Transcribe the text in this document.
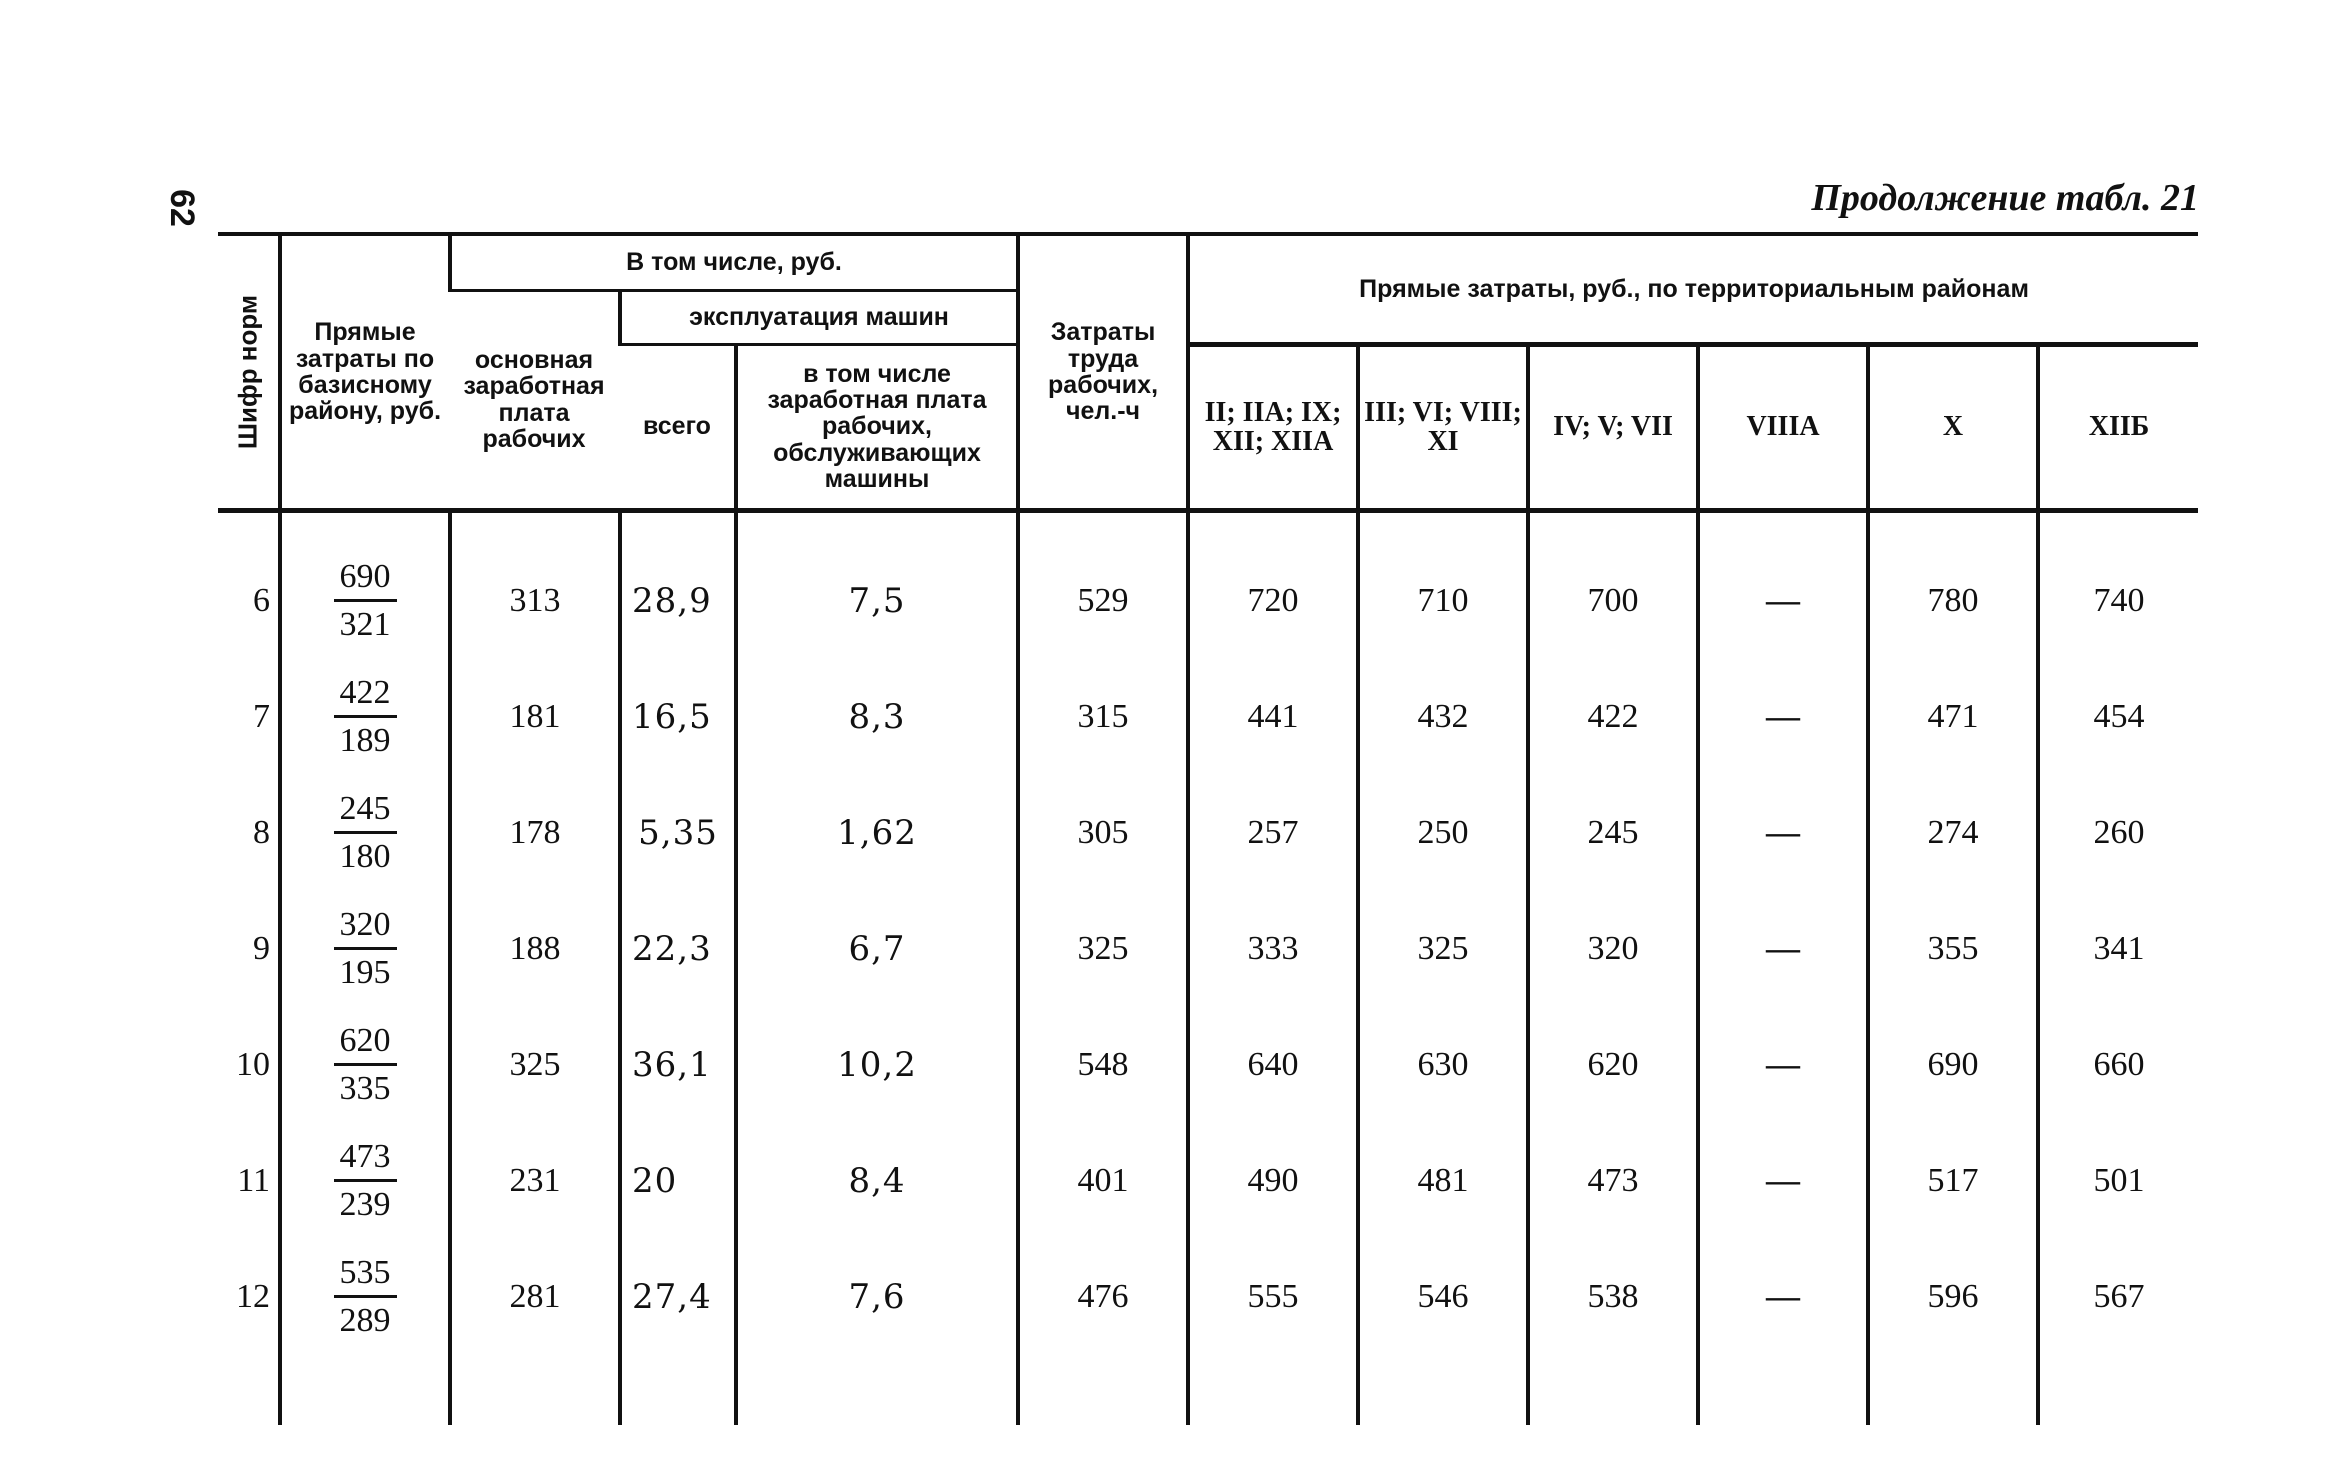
62	Продолжение табл. 21
Шифр норм	Прямые затраты по базисному району, руб.	В том числе, руб.			Затраты труда рабочих, чел.-ч	Прямые затраты, руб., по территориальным районам					
		основная заработная плата рабочих	эксплуатация машин								
			всего	в том числе заработная плата рабочих, обслуживающих машины		II; IIA; IX; XII; XIIA	III; VI; VIII; XI	IV; V; VII	VIIIA	X	XIIБ
6	$\frac{690}{321}$	313	28,9	7,5	529	720	710	700	—	780	740
7	$\frac{422}{189}$	181	16,5	8,3	315	441	432	422	—	471	454
8	$\frac{245}{180}$	178	5,35	1,62	305	257	250	245	—	274	260
9	$\frac{320}{195}$	188	22,3	6,7	325	333	325	320	—	355	341
10	$\frac{620}{335}$	325	36,1	10,2	548	640	630	620	—	690	660
11	$\frac{473}{239}$	231	20	8,4	401	490	481	473	—	517	501
12	$\frac{535}{289}$	281	27,4	7,6	476	555	546	538	—	596	567
